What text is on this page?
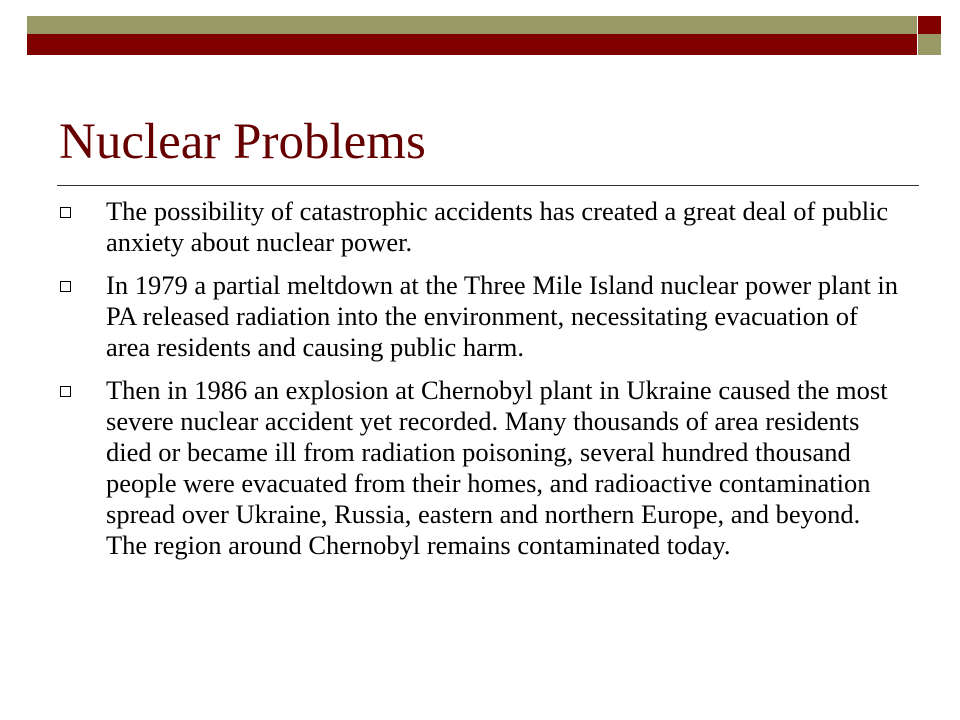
Nuclear Problems
The possibility of catastrophic accidents has created a great deal of public anxiety about nuclear power.
In 1979 a partial meltdown at the Three Mile Island nuclear power plant in PA released radiation into the environment, necessitating evacuation of area residents and causing public harm.
Then in 1986 an explosion at Chernobyl plant in Ukraine caused the most severe nuclear accident yet recorded. Many thousands of area residents died or became ill from radiation poisoning, several hundred thousand people were evacuated from their homes, and radioactive contamination spread over Ukraine, Russia, eastern and northern Europe, and beyond. The region around Chernobyl remains contaminated today.
